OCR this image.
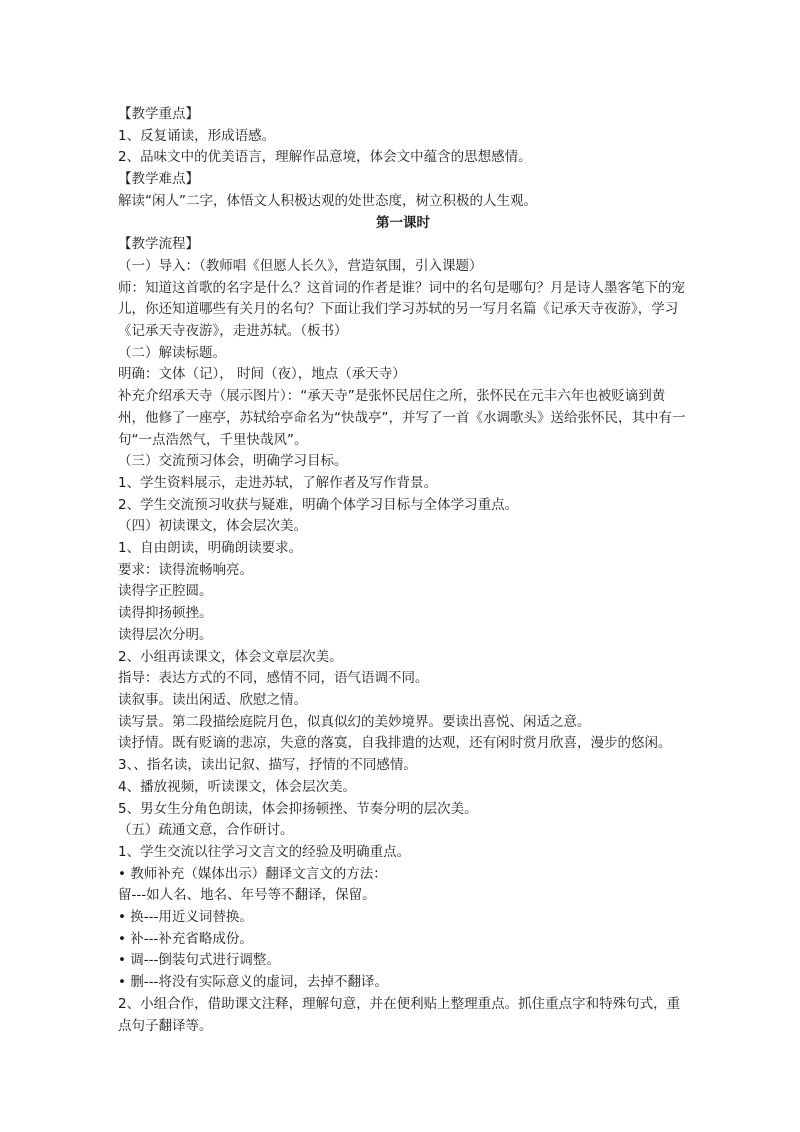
【教学重点】
1、反复诵读，形成语感。
2、品味文中的优美语言，理解作品意境，体会文中蕴含的思想感情。
【教学难点】
解读“闲人”二字，体悟文人积极达观的处世态度，树立积极的人生观。
第一课时
【教学流程】
（一）导入：（教师唱《但愿人长久》，营造氛围，引入课题）
师：知道这首歌的名字是什么？这首词的作者是谁？词中的名句是哪句？月是诗人墨客笔下的宠儿，你还知道哪些有关月的名句？下面让我们学习苏轼的另一写月名篇《记承天寺夜游》，学习《记承天寺夜游》，走进苏轼。（板书）
（二）解读标题。
明确：文体（记）， 时间（夜），地点（承天寺）
补充介绍承天寺（展示图片）：“承天寺”是张怀民居住之所，张怀民在元丰六年也被贬谪到黄州，他修了一座亭，苏轼给亭命名为“快哉亭”，并写了一首《水调歌头》送给张怀民，其中有一句“一点浩然气，千里快哉风”。
（三）交流预习体会，明确学习目标。
1、学生资料展示，走进苏轼，了解作者及写作背景。
2、学生交流预习收获与疑难，明确个体学习目标与全体学习重点。
（四）初读课文，体会层次美。
1、自由朗读，明确朗读要求。
要求：读得流畅响亮。
读得字正腔圆。
读得抑扬顿挫。
读得层次分明。
2、小组再读课文，体会文章层次美。
指导：表达方式的不同，感情不同，语气语调不同。
读叙事。读出闲适、欣慰之情。
读写景。第二段描绘庭院月色，似真似幻的美妙境界。要读出喜悦、闲适之意。
读抒情。既有贬谪的悲凉，失意的落寞，自我排遣的达观，还有闲时赏月欣喜，漫步的悠闲。
3、、指名读，读出记叙、描写，抒情的不同感情。
4、播放视频，听读课文，体会层次美。
5、男女生分角色朗读，体会抑扬顿挫、节奏分明的层次美。
（五）疏通文意，合作研讨。
1、学生交流以往学习文言文的经验及明确重点。
• 教师补充（媒体出示）翻译文言文的方法：
留---如人名、地名、年号等不翻译，保留。
• 换---用近义词替换。
• 补---补充省略成份。
• 调---倒装句式进行调整。
• 删---将没有实际意义的虚词，去掉不翻译。
2、小组合作，借助课文注释，理解句意，并在便利贴上整理重点。抓住重点字和特殊句式，重点句子翻译等。
